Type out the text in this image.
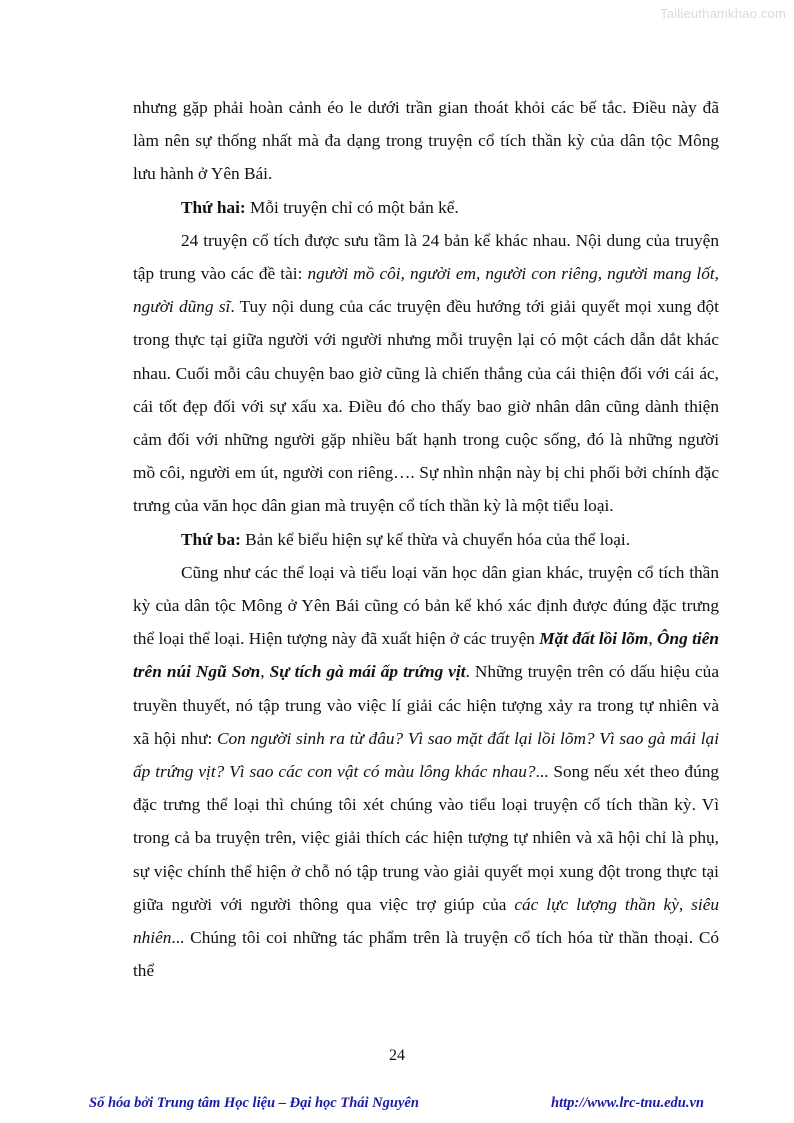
Tailieuthamkhao.com

nhưng gặp phải hoàn cảnh éo le dưới trần gian thoát khỏi các bế tắc. Điều này đã làm nên sự thống nhất mà đa dạng trong truyện cổ tích thần kỳ của dân tộc Mông lưu hành ở Yên Bái.

Thứ hai: Mỗi truyện chỉ có một bản kể.

24 truyện cổ tích được sưu tầm là 24 bản kể khác nhau. Nội dung của truyện tập trung vào các đề tài: người mồ côi, người em, người con riêng, người mang lốt, người dũng sĩ. Tuy nội dung của các truyện đều hướng tới giải quyết mọi xung đột trong thực tại giữa người với người nhưng mỗi truyện lại có một cách dẫn dắt khác nhau. Cuối mỗi câu chuyện bao giờ cũng là chiến thắng của cái thiện đối với cái ác, cái tốt đẹp đối với sự xấu xa. Điều đó cho thấy bao giờ nhân dân cũng dành thiện cảm đối với những người gặp nhiều bất hạnh trong cuộc sống, đó là những người mồ côi, người em út, người con riêng…. Sự nhìn nhận này bị chi phối bởi chính đặc trưng của văn học dân gian mà truyện cổ tích thần kỳ là một tiểu loại.

Thứ ba: Bản kể biểu hiện sự kế thừa và chuyển hóa của thể loại.

Cũng như các thể loại và tiểu loại văn học dân gian khác, truyện cổ tích thần kỳ của dân tộc Mông ở Yên Bái cũng có bản kể khó xác định được đúng đặc trưng thể loại thể loại. Hiện tượng này đã xuất hiện ở các truyện Mặt đất lồi lõm, Ông tiên trên núi Ngũ Sơn, Sự tích gà mái ấp trứng vịt. Những truyện trên có dấu hiệu của truyền thuyết, nó tập trung vào việc lí giải các hiện tượng xảy ra trong tự nhiên và xã hội như: Con người sinh ra từ đâu? Vì sao mặt đất lại lồi lõm? Vì sao gà mái lại ấp trứng vịt? Vì sao các con vật có màu lông khác nhau?... Song nếu xét theo đúng đặc trưng thể loại thì chúng tôi xét chúng vào tiểu loại truyện cổ tích thần kỳ. Vì trong cả ba truyện trên, việc giải thích các hiện tượng tự nhiên và xã hội chỉ là phụ, sự việc chính thể hiện ở chỗ nó tập trung vào giải quyết mọi xung đột trong thực tại giữa người với người thông qua việc trợ giúp của các lực lượng thần kỳ, siêu nhiên... Chúng tôi coi những tác phẩm trên là truyện cổ tích hóa từ thần thoại. Có thể

24
Số hóa bởi Trung tâm Học liệu – Đại học Thái Nguyên	http://www.lrc-tnu.edu.vn
